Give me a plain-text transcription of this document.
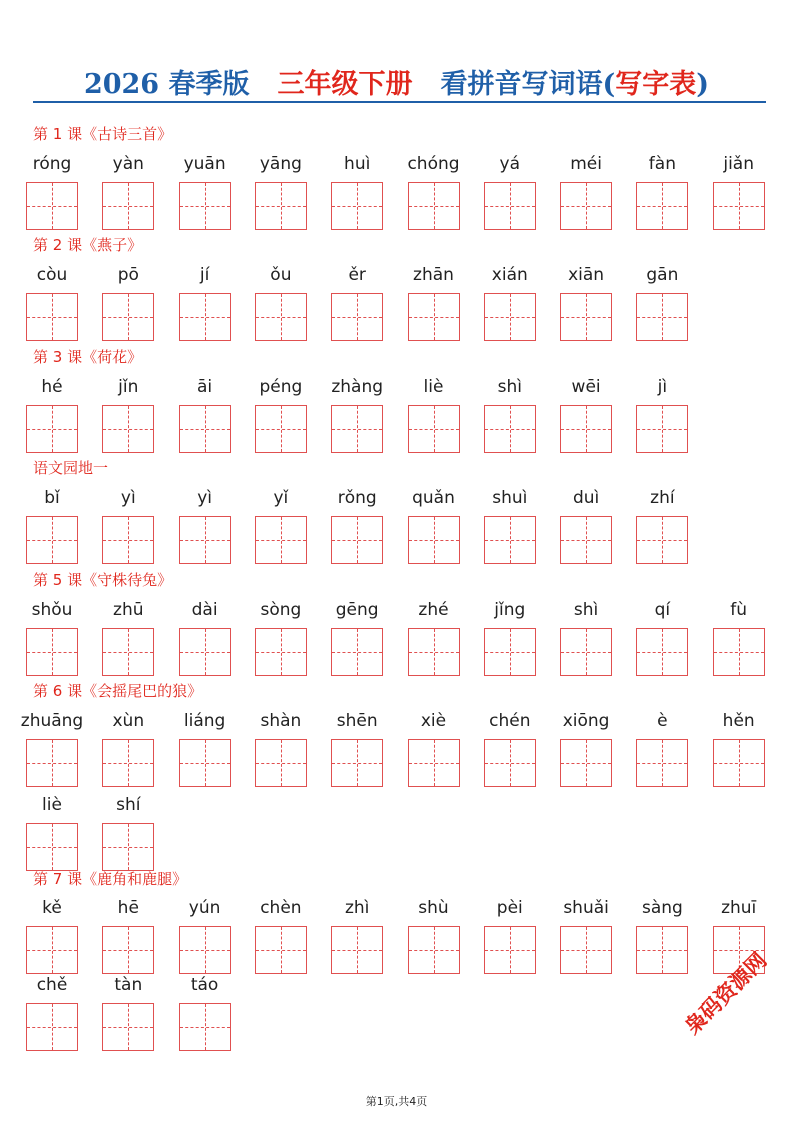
2026 春季版 三年级下册 看拼音写词语(写字表)
第 1 课《古诗三首》
róng	yàn	yuān	yāng	huì	chóng	yá	méi	fàn	jiǎn
第 2 课《燕子》
còu	pō	jí	ǒu	ěr	zhān	xián	xiān	gān
第 3 课《荷花》
hé	jǐn	āi	péng	zhàng	liè	shì	wēi	jì
语文园地一
bǐ	yì	yì	yǐ	rǒng	quǎn	shuì	duì	zhí
第 5 课《守株待兔》
shǒu	zhū	dài	sòng	gēng	zhé	jǐng	shì	qí	fù
第 6 课《会摇尾巴的狼》
zhuāng	xùn	liáng	shàn	shēn	xiè	chén	xiōng	è	hěn
liè	shí
第 7 课《鹿角和鹿腿》
kě	hē	yún	chèn	zhì	shù	pèi	shuǎi	sàng	zhuī
chě	tàn	táo	枭码资源网
第1页,共4页
